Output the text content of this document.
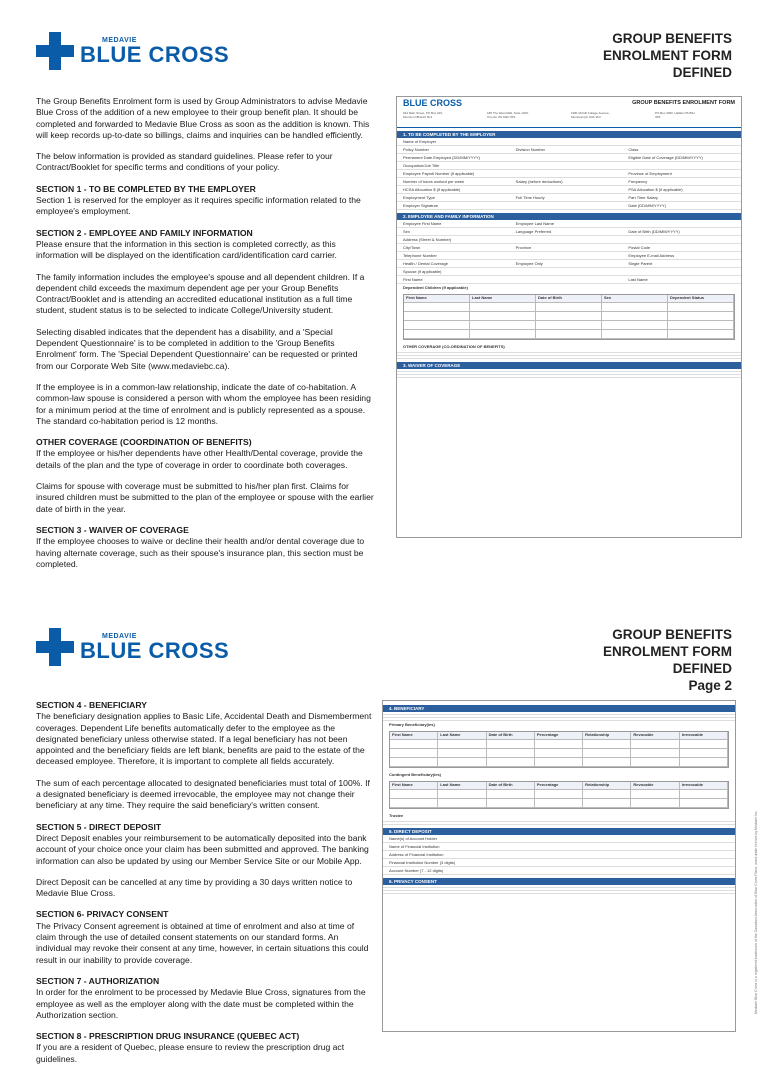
MEDAVIE
BLUE CROSS
GROUP BENEFITS
ENROLMENT FORM
DEFINED

The Group Benefits Enrolment form is used by Group Administrators to advise Medavie Blue Cross of the addition of a new employee to their group benefit plan. It should be completed and forwarded to Medavie Blue Cross as soon as the addition is known. This will keep records up-to-date so billings, claims and inquiries can be handled efficiently.

The below information is provided as standard guidelines. Please refer to your Contract/Booklet for specific terms and conditions of your policy.

SECTION 1 - TO BE COMPLETED BY THE EMPLOYER

Section 1 is reserved for the employer as it requires specific information related to the employee's employment.

SECTION 2 - EMPLOYEE AND FAMILY INFORMATION

Please ensure that the information in this section is completed correctly, as this information will be displayed on the identification card/identification card carrier.

The family information includes the employee's spouse and all dependent children. If a dependent child exceeds the maximum dependent age per your Group Benefits Contract/Booklet and is attending an accredited educational institution as a full time student, student status is to be selected to indicate College/University student.

Selecting disabled indicates that the dependent has a disability, and a 'Special Dependent Questionnaire' is to be completed in addition to the 'Group Benefits Enrolment' form. The 'Special Dependent Questionnaire' can be requested or printed from our Corporate Web Site (www.medaviebc.ca).

If the employee is in a common-law relationship, indicate the date of co-habitation. A common-law spouse is considered a person with whom the employee has been residing for a minimum period at the time of enrolment and is publicly represented as a spouse. The standard co-habitation period is 12 months.

OTHER COVERAGE (COORDINATION OF BENEFITS)

If the employee or his/her dependents have other Health/Dental coverage, provide the details of the plan and the type of coverage in order to coordinate both coverages.

Claims for spouse with coverage must be submitted to his/her plan first. Claims for insured children must be submitted to the plan of the employee or spouse with the earlier date of birth in the year.

SECTION 3 - WAIVER OF COVERAGE

If the employee chooses to waive or decline their health and/or dental coverage due to having alternate coverage, such as their spouse's insurance plan, this section must be completed.

BLUE CROSS	GROUP BENEFITS ENROLMENT FORM
644 Main Street, PO Box 220, Moncton NB E1C 8L3
185 The West Mall, Suite 1200, Toronto ON M9C 5P1
1981 McGill College Avenue, Montreal QC H3A 3K3
PO Box 3000, Halifax NS B3J 3K5
1. TO BE COMPLETED BY THE EMPLOYER
Name of Employer
Policy Number	Division Number	Class
Permanent Date Employed (DD/MM/YYYY)	Eligible Date of Coverage (DD/MM/YYYY)
Occupation/Job Title
Employee Payroll Number (if applicable)	Province of Employment
Number of hours worked per week	Salary (before deductions)	Frequency
HCSA Allocation $ (if applicable)	PSA Allocation $ (if applicable)
Employment Type	Full Time Hourly	Part Time Salary
Employer Signature	Date (DD/MM/YYYY)
2. EMPLOYEE AND FAMILY INFORMATION
Employee First Name	Employee Last Name
Sex	Language Preferred	Date of Birth (DD/MM/YYYY)
Address (Street & Number)
City/Town	Province	Postal Code
Telephone Number	Employee E-mail Address
Health / Dental Coverage	Employee Only	Single Parent
Spouse (if applicable)
First Name	Last Name
Dependent Children (if applicable)
First Name	Last Name	Date of Birth	Sex	Dependent Status
OTHER COVERAGE (CO-ORDINATION OF BENEFITS)
3. WAIVER OF COVERAGE
MEDAVIE
BLUE CROSS
GROUP BENEFITS
ENROLMENT FORM
DEFINED
Page 2
SECTION 4 - BENEFICIARY

The beneficiary designation applies to Basic Life, Accidental Death and Dismemberment coverages. Dependent Life benefits automatically defer to the employee as the designated beneficiary unless otherwise stated. If a legal beneficiary has not been appointed and the beneficiary fields are left blank, benefits are paid to the estate of the deceased employee. Therefore, it is important to complete all fields accurately.

The sum of each percentage allocated to designated beneficiaries must total of 100%. If a designated beneficiary is deemed irrevocable, the employee may not change their beneficiary at any time. They require the said beneficiary's written consent.

SECTION 5 - DIRECT DEPOSIT

Direct Deposit enables your reimbursement to be automatically deposited into the bank account of your choice once your claim has been submitted and approved. The banking information can also be updated by using our Member Service Site or our Mobile App.

Direct Deposit can be cancelled at any time by providing a 30 days written notice to Medavie Blue Cross.

SECTION 6- PRIVACY CONSENT

The Privacy Consent agreement is obtained at time of enrolment and also at time of claim through the use of detailed consent statements on our standard forms. An individual may revoke their consent at any time, however, in certain situations this could result in our inability to provide coverage.

SECTION 7 - AUTHORIZATION

In order for the enrolment to be processed by Medavie Blue Cross, signatures from the employee as well as the employer along with the date must be completed within the Authorization section.

SECTION 8 - PRESCRIPTION DRUG INSURANCE (QUEBEC ACT)

If you are a resident of Quebec, please ensure to review the prescription drug act guidelines.

4. BENEFICIARY
Primary Beneficiary(ies)
First Name	Last Name	Date of Birth	Percentage	Relationship	Revocable	Irrevocable
Contingent Beneficiary(ies)
First Name	Last Name	Date of Birth	Percentage	Relationship	Revocable	Irrevocable
Trustee
5. DIRECT DEPOSIT
Name(s) of Account Holder
Name of Financial Institution
Address of Financial Institution
Financial Institution Number (3 digits)
Account Number (7 - 12 digits)
6. PRIVACY CONSENT	Medavie Blue Cross is a registered trademark of the Canadian Association of Blue Cross Plans, used under licence by Medavie Inc.
